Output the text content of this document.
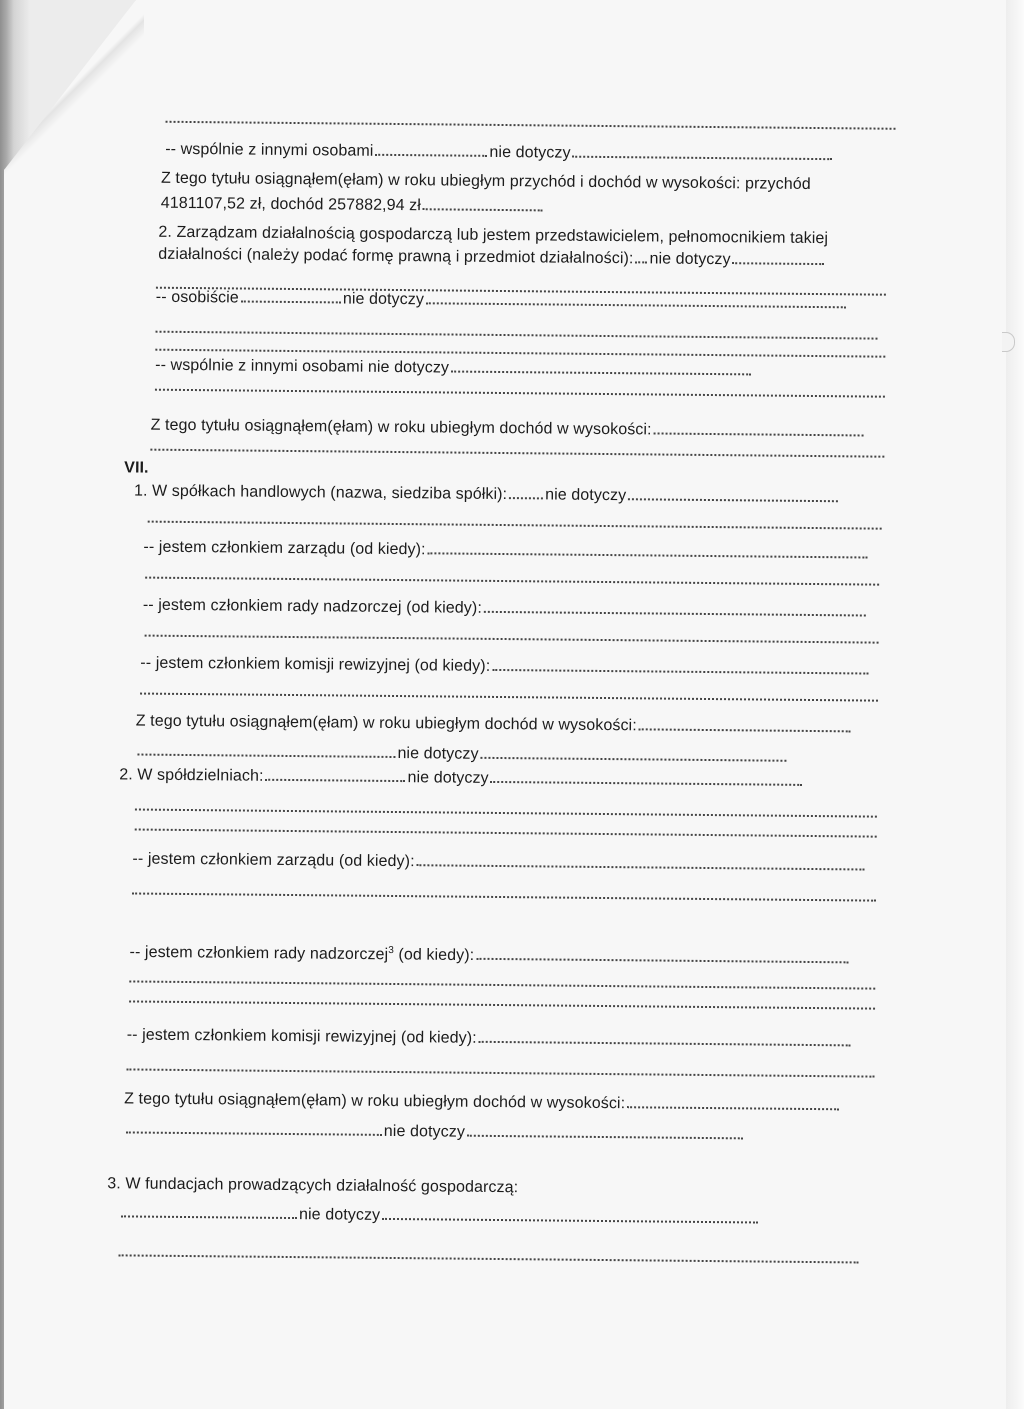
-- wspólnie z innymi osobami	nie dotyczy
Z tego tytułu osiągnąłem(ęłam) w roku ubiegłym przychód i dochód w wysokości: przychód
4181107,52 zł, dochód 257882,94 zł
2. Zarządzam działalnością gospodarczą lub jestem przedstawicielem, pełnomocnikiem takiej
działalności (należy podać formę prawną i przedmiot działalności): nie dotyczy
-- osobiście	nie dotyczy
-- wspólnie z innymi osobami nie dotyczy
Z tego tytułu osiągnąłem(ęłam) w roku ubiegłym dochód w wysokości:
VII.
1. W spółkach handlowych (nazwa, siedziba spółki): nie dotyczy
-- jestem członkiem zarządu (od kiedy):
-- jestem członkiem rady nadzorczej (od kiedy):
-- jestem członkiem komisji rewizyjnej (od kiedy):
Z tego tytułu osiągnąłem(ęłam) w roku ubiegłym dochód w wysokości:
nie dotyczy
2. W spółdzielniach:	nie dotyczy
-- jestem członkiem zarządu (od kiedy):
-- jestem członkiem rady nadzorczej$^3$ (od kiedy):
-- jestem członkiem komisji rewizyjnej (od kiedy):
Z tego tytułu osiągnąłem(ęłam) w roku ubiegłym dochód w wysokości:
nie dotyczy
3. W fundacjach prowadzących działalność gospodarczą:
nie dotyczy
